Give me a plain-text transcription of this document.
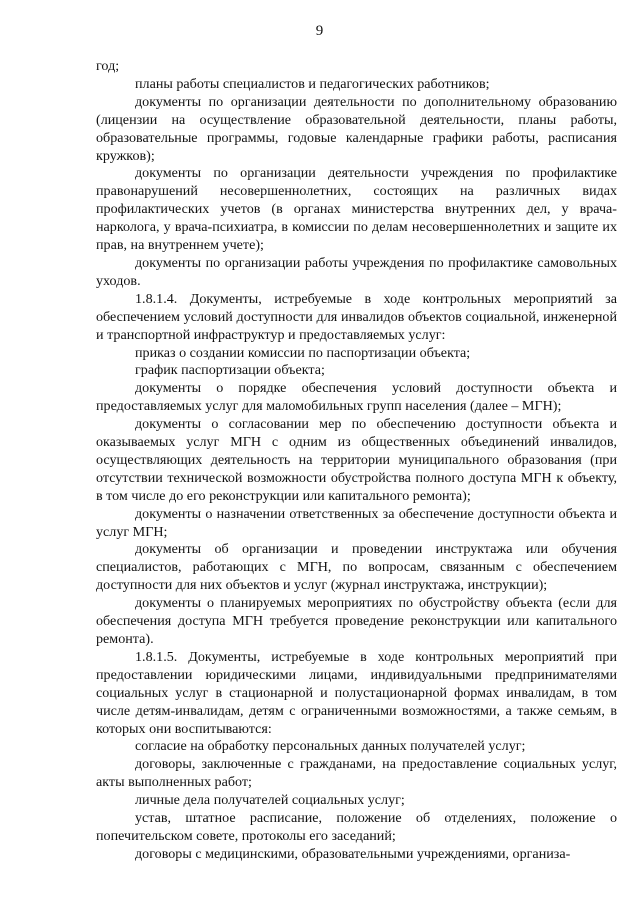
9

год;

планы работы специалистов и педагогических работников;

документы по организации деятельности по дополнительному образованию (лицензии на осуществление образовательной деятельности, планы работы, образовательные программы, годовые календарные графики работы, расписания кружков);

документы по организации деятельности учреждения по профилактике правонарушений несовершеннолетних, состоящих на различных видах профилактических учетов (в органах министерства внутренних дел, у врача-нарколога, у врача-психиатра, в комиссии по делам несовершеннолетних и защите их прав, на внутреннем учете);

документы по организации работы учреждения по профилактике самовольных уходов.

1.8.1.4. Документы, истребуемые в ходе контрольных мероприятий за обеспечением условий доступности для инвалидов объектов социальной, инженерной и транспортной инфраструктур и предоставляемых услуг:

приказ о создании комиссии по паспортизации объекта;

график паспортизации объекта;

документы о порядке обеспечения условий доступности объекта и предоставляемых услуг для маломобильных групп населения (далее – МГН);

документы о согласовании мер по обеспечению доступности объекта и оказываемых услуг МГН с одним из общественных объединений инвалидов, осуществляющих деятельность на территории муниципального образования (при отсутствии технической возможности обустройства полного доступа МГН к объекту, в том числе до его реконструкции или капитального ремонта);

документы о назначении ответственных за обеспечение доступности объекта и услуг МГН;

документы об организации и проведении инструктажа или обучения специалистов, работающих с МГН, по вопросам, связанным с обеспечением доступности для них объектов и услуг (журнал инструктажа, инструкции);

документы о планируемых мероприятиях по обустройству объекта (если для обеспечения доступа МГН требуется проведение реконструкции или капитального ремонта).

1.8.1.5. Документы, истребуемые в ходе контрольных мероприятий при предоставлении юридическими лицами, индивидуальными предпринимателями социальных услуг в стационарной и полустационарной формах инвалидам, в том числе детям-инвалидам, детям с ограниченными возможностями, а также семьям, в которых они воспитываются:

согласие на обработку персональных данных получателей услуг;

договоры, заключенные с гражданами, на предоставление социальных услуг, акты выполненных работ;

личные дела получателей социальных услуг;

устав, штатное расписание, положение об отделениях, положение о попечительском совете, протоколы его заседаний;

договоры с медицинскими, образовательными учреждениями, организа-
